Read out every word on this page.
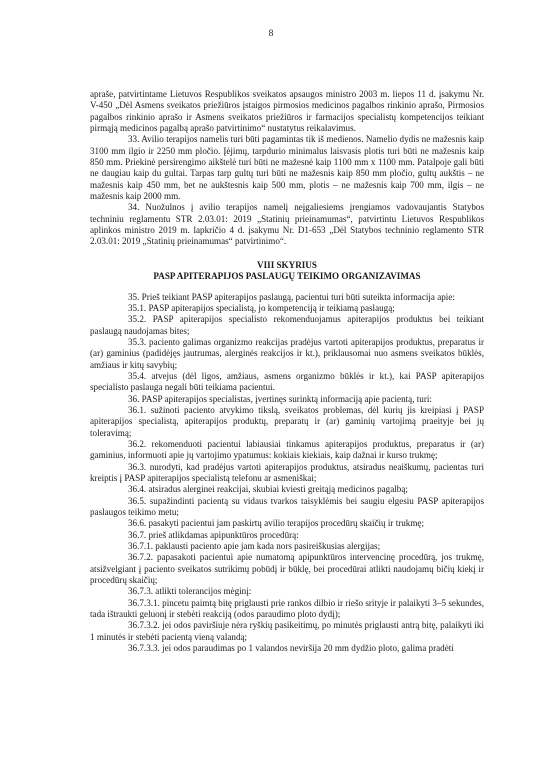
8

aprašе, patvirtintame Lietuvos Respublikos sveikatos apsaugos ministro 2003 m. liepos 11 d. įsakymu Nr. V-450 „Dėl Asmens sveikatos priežiūros įstaigos pirmosios medicinos pagalbos rinkinio aprašo, Pirmosios pagalbos rinkinio aprašo ir Asmens sveikatos priežiūros ir farmacijos specialistų kompetencijos teikiant pirmąją medicinos pagalbą aprašo patvirtinimo“ nustatytus reikalavimus.

33. Avilio terapijos namelis turi būti pagamintas tik iš medienos. Namelio dydis ne mažesnis kaip 3100 mm ilgio ir 2250 mm pločio. Įėjimų, tarpdurio minimalus laisvasis plotis turi būti ne mažesnis kaip 850 mm. Priekinė persirengimo aikštelė turi būti ne mažesnė kaip 1100 mm x 1100 mm. Patalpoje gali būti ne daugiau kaip du gultai. Tarpas tarp gultų turi būti ne mažesnis kaip 850 mm pločio, gultų aukštis – ne mažesnis kaip 450 mm, bet ne aukštesnis kaip 500 mm, plotis – ne mažesnis kaip 700 mm, ilgis – ne mažesnis kaip 2000 mm.

34. Nuožulnos į avilio terapijos namelį neįgaliesiems įrengiamos vadovaujantis Statybos techniniu reglamentu STR 2.03.01: 2019 „Statinių prieinamumas“, patvirtintu Lietuvos Respublikos aplinkos ministro 2019 m. lapkričio 4 d. įsakymu Nr. D1-653 „Dėl Statybos techninio reglamento STR 2.03.01: 2019 „Statinių prieinamumas“ patvirtinimo“.

VIII SKYRIUS

PASP APITERAPIJOS PASLAUGŲ TEIKIMO ORGANIZAVIMAS

35. Prieš teikiant PASP apiterapijos paslaugą, pacientui turi būti suteikta informacija apie:

35.1. PASP apiterapijos specialistą, jo kompetenciją ir teikiamą paslaugą;

35.2. PASP apiterapijos specialisto rekomenduojamus apiterapijos produktus bei teikiant paslaugą naudojamas bites;

35.3. paciento galimas organizmo reakcijas pradėjus vartoti apiterapijos produktus, preparatus ir (ar) gaminius (padidėjęs jautrumas, alerginės reakcijos ir kt.), priklausomai nuo asmens sveikatos būklės, amžiaus ir kitų savybių;

35.4. atvejus (dėl ligos, amžiaus, asmens organizmo būklės ir kt.), kai PASP apiterapijos specialisto paslauga negali būti teikiama pacientui.

36. PASP apiterapijos specialistas, įvertinęs surinktą informaciją apie pacientą, turi:

36.1. sužinoti paciento atvykimo tikslą, sveikatos problemas, dėl kurių jis kreipiasi į PASP apiterapijos specialistą, apiterapijos produktų, preparatų ir (ar) gaminių vartojimą praeityje bei jų toleravimą;

36.2. rekomenduoti pacientui labiausiai tinkamus apiterapijos produktus, preparatus ir (ar) gaminius, informuoti apie jų vartojimo ypatumus: kokiais kiekiais, kaip dažnai ir kurso trukmę;

36.3. nurodyti, kad pradėjus vartoti apiterapijos produktus, atsiradus neaiškumų, pacientas turi kreiptis į PASP apiterapijos specialistą telefonu ar asmeniškai;

36.4. atsiradus alerginei reakcijai, skubiai kviesti greitąją medicinos pagalbą;

36.5. supažindinti pacientą su vidaus tvarkos taisyklėmis bei saugiu elgesiu PASP apiterapijos paslaugos teikimo metu;

36.6. pasakyti pacientui jam paskirtų avilio terapijos procedūrų skaičių ir trukmę;

36.7. prieš atlikdamas apipunktūros procedūrą:

36.7.1. paklausti paciento apie jam kada nors pasireiškusias alergijas;

36.7.2. papasakoti pacientui apie numatomą apipunktūros intervencinę procedūrą, jos trukmę, atsižvelgiant į paciento sveikatos sutrikimų pobūdį ir būklę, bei procedūrai atlikti naudojamų bičių kiekį ir procedūrų skaičių;

36.7.3. atlikti tolerancijos mėginį:

36.7.3.1. pincetu paimtą bitę priglausti prie rankos dilbio ir riešo srityje ir palaikyti 3–5 sekundes, tada ištraukti geluonį ir stebėti reakciją (odos paraudimo ploto dydį);

36.7.3.2. jei odos paviršiuje nėra ryškių pasikeitimų, po minutės priglausti antrą bitę, palaikyti iki 1 minutės ir stebėti pacientą vieną valandą;

36.7.3.3. jei odos paraudimas po 1 valandos neviršija 20 mm dydžio ploto, galima pradėti
